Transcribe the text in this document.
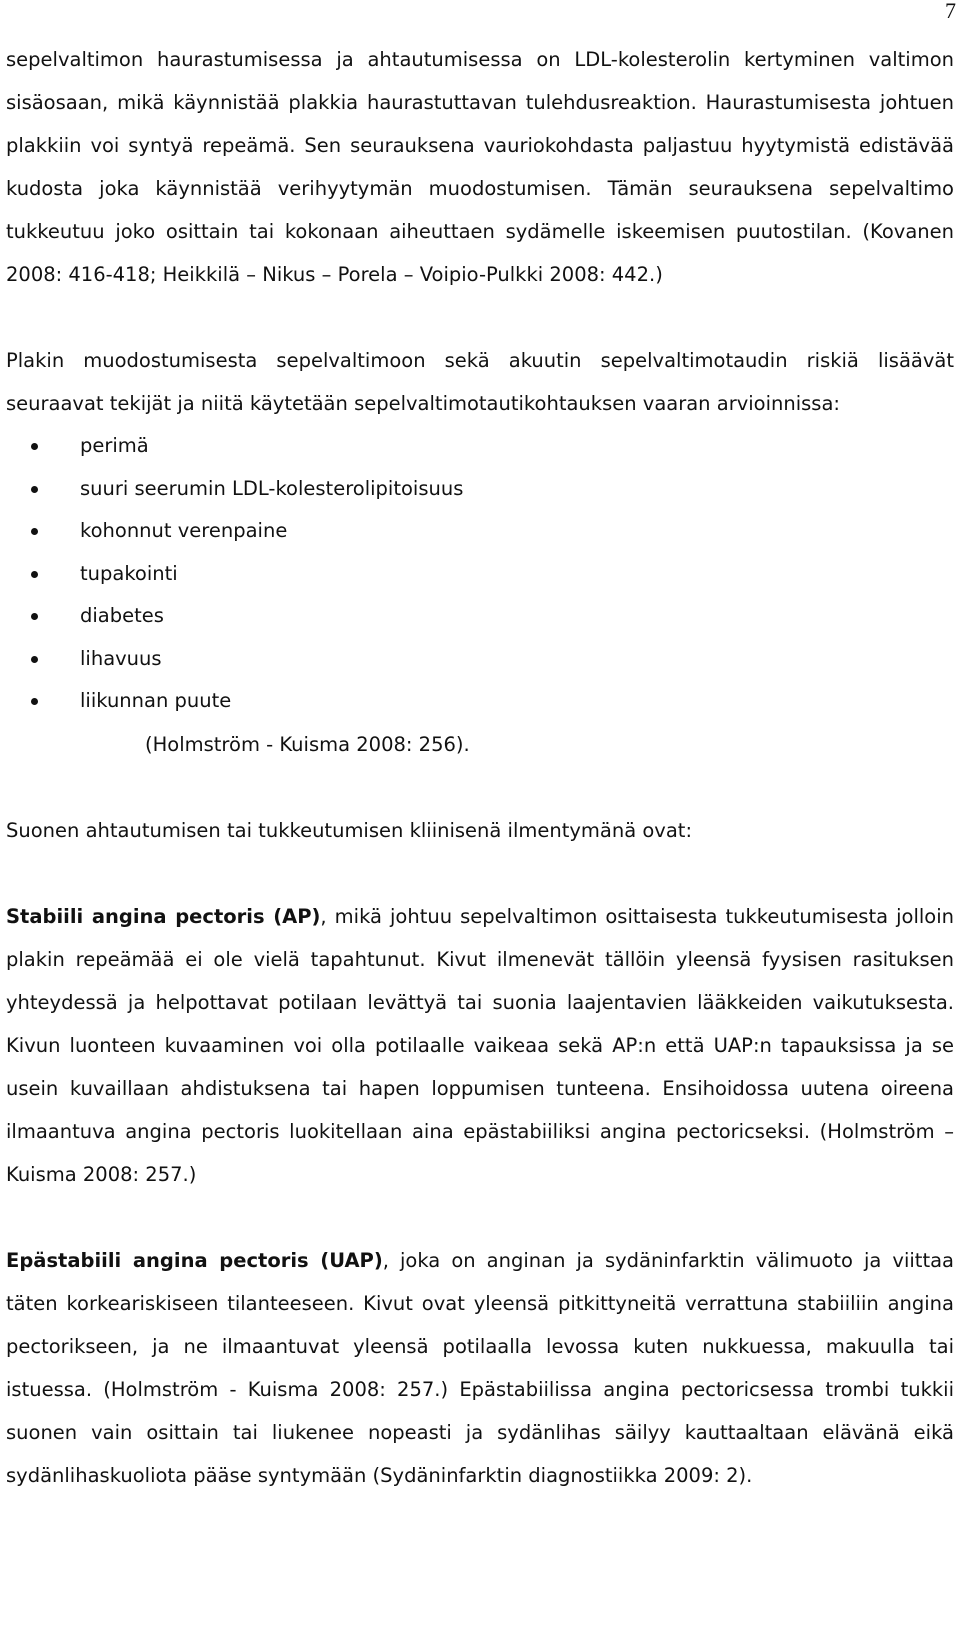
7

sepelvaltimon haurastumisessa ja ahtautumisessa on LDL-kolesterolin kertyminen valtimon sisäosaan, mikä käynnistää plakkia haurastuttavan tulehdusreaktion. Haurastumisesta johtuen plakkiin voi syntyä repeämä. Sen seurauksena vauriokohdasta paljastuu hyytymistä edistävää kudosta joka käynnistää verihyytymän muodostumisen. Tämän seurauksena sepelvaltimo tukkeutuu joko osittain tai kokonaan aiheuttaen sydämelle iskeemisen puutostilan. (Kovanen 2008: 416-418; Heikkilä – Nikus – Porela – Voipio-Pulkki 2008: 442.)

Plakin muodostumisesta sepelvaltimoon sekä akuutin sepelvaltimotaudin riskiä lisäävät seuraavat tekijät ja niitä käytetään sepelvaltimotautikohtauksen vaaran arvioinnissa:

perimä
suuri seerumin LDL-kolesterolipitoisuus
kohonnut verenpaine
tupakointi
diabetes
lihavuus
liikunnan puute
(Holmström - Kuisma 2008: 256).

Suonen ahtautumisen tai tukkeutumisen kliinisenä ilmentymänä ovat:

Stabiili angina pectoris (AP), mikä johtuu sepelvaltimon osittaisesta tukkeutumisesta jolloin plakin repeämää ei ole vielä tapahtunut. Kivut ilmenevät tällöin yleensä fyysisen rasituksen yhteydessä ja helpottavat potilaan levättyä tai suonia laajentavien lääkkeiden vaikutuksesta. Kivun luonteen kuvaaminen voi olla potilaalle vaikeaa sekä AP:n että UAP:n tapauksissa ja se usein kuvaillaan ahdistuksena tai hapen loppumisen tunteena. Ensihoidossa uutena oireena ilmaantuva angina pectoris luokitellaan aina epästabiiliksi angina pectoricseksi. (Holmström – Kuisma 2008: 257.)

Epästabiili angina pectoris (UAP), joka on anginan ja sydäninfarktin välimuoto ja viittaa täten korkeariskiseen tilanteeseen. Kivut ovat yleensä pitkittyneitä verrattuna stabiiliin angina pectorikseen, ja ne ilmaantuvat yleensä potilaalla levossa kuten nukkuessa, makuulla tai istuessa. (Holmström - Kuisma 2008: 257.) Epästabiilissa angina pectoricsessa trombi tukkii suonen vain osittain tai liukenee nopeasti ja sydänlihas säilyy kauttaaltaan elävänä eikä sydänlihaskuoliota pääse syntymään (Sydäninfarktin diagnostiikka 2009: 2).
